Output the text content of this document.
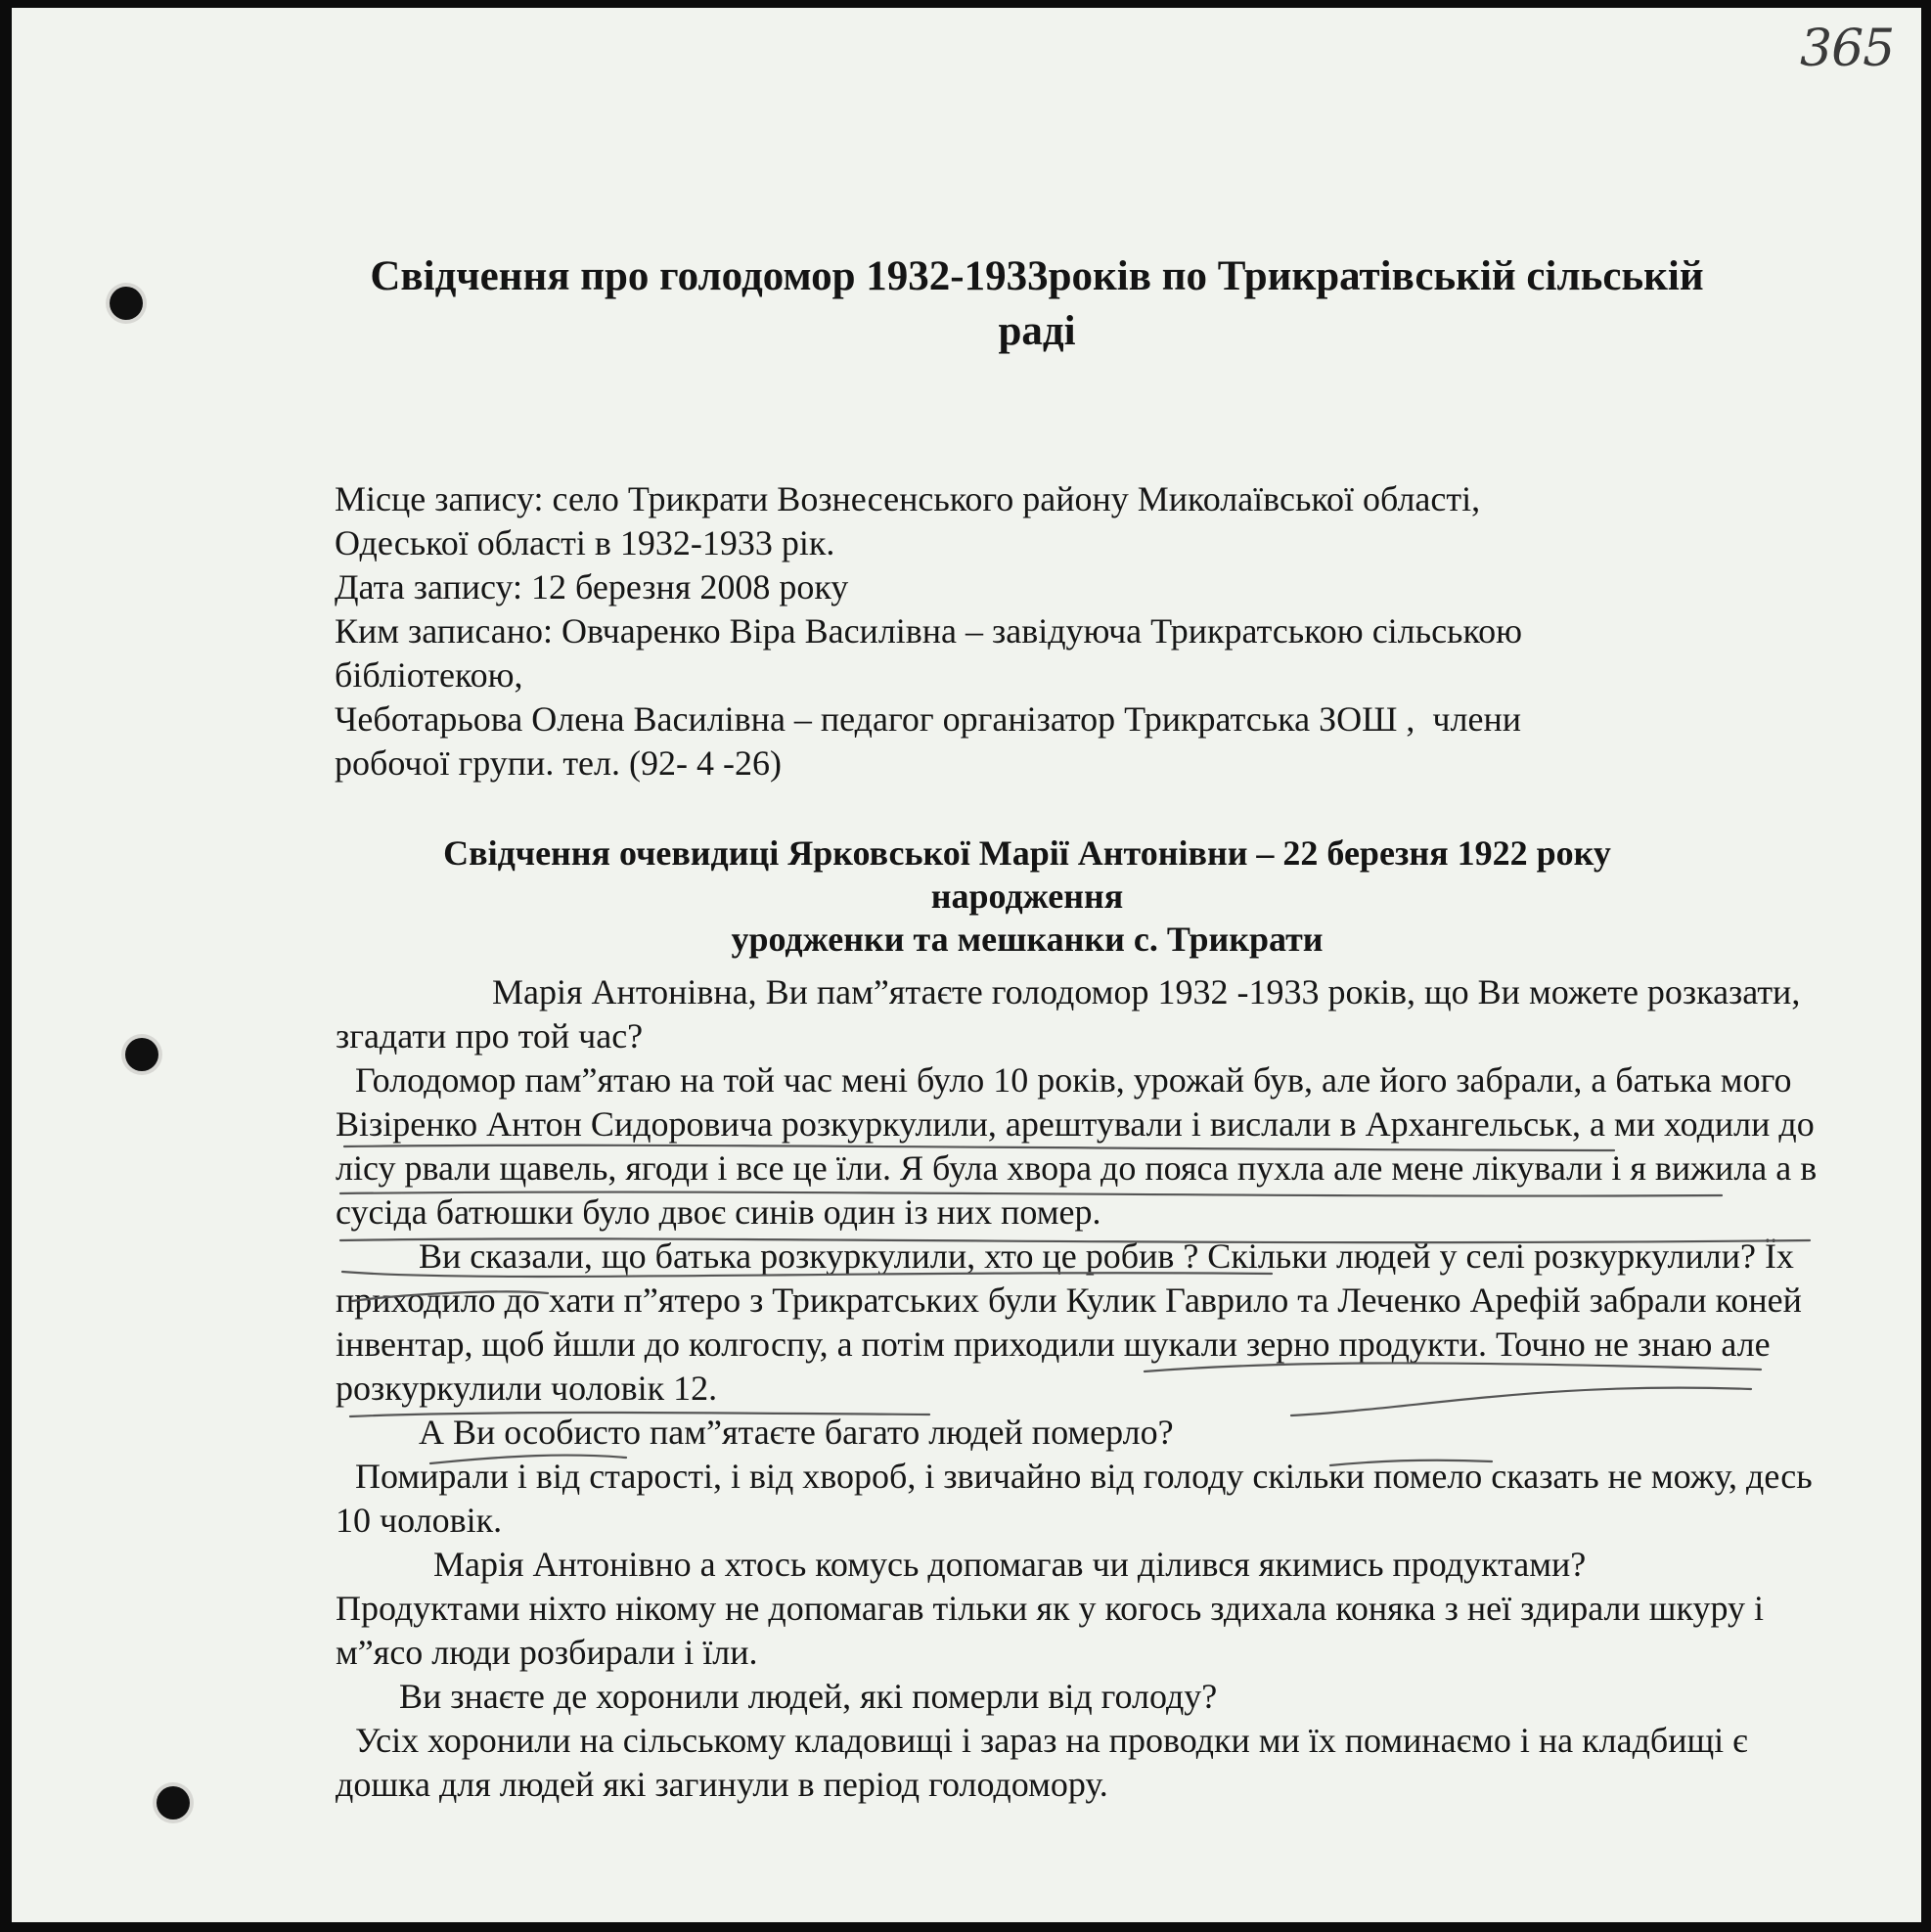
365
Свідчення про голодомор 1932-1933років по Трикратівській сільській
раді
Місце запису: село Трикрати Вознесенського району Миколаївської області,
Одеської області в 1932-1933 рік.
Дата запису: 12 березня 2008 року
Ким записано: Овчаренко Віра Василівна – завідуюча Трикратською сільською
бібліотекою,
Чеботарьова Олена Василівна – педагог організатор Трикратська ЗОШ ,  члени
робочої групи. тел. (92- 4 -26)
Свідчення очевидиці Ярковської Марії Антонівни – 22 березня 1922 року
народження
уродженки та мешканки с. Трикрати

Марія Антонівна, Ви пам”ятаєте голодомор 1932 -1933 років, що Ви можете розказати, згадати про той час?

Голодомор пам”ятаю на той час мені було 10 років, урожай був, але його забрали, а батька мого Візіренко Антон Сидоровича розкуркулили, арештували і вислали в Архангельськ, а ми ходили до лісу рвали щавель, ягоди і все це їли. Я була хвора до пояса пухла але мене лікували і я вижила а в сусіда батюшки було двоє синів один із них помер.

Ви сказали, що батька розкуркулили, хто це робив ? Скільки людей у селі розкуркулили? Їх приходило до хати п”ятеро з Трикратських були Кулик Гаврило та Леченко Арефій забрали коней інвентар, щоб йшли до колгоспу, а потім приходили шукали зерно продукти. Точно не знаю але розкуркулили чоловік 12.

А Ви особисто пам”ятаєте багато людей померло?

Помирали і від старості, і від хвороб, і звичайно від голоду скільки помело сказать не можу, десь 10 чоловік.

Марія Антонівно а хтось комусь допомагав чи ділився якимись продуктами?

Продуктами ніхто нікому не допомагав тільки як у когось здихала коняка з неї здирали шкуру і м”ясо люди розбирали і їли.

Ви знаєте де хоронили людей, які померли від голоду?

Усіх хоронили на сільському кладовищі і зараз на проводки ми їх поминаємо і на кладбищі є дошка для людей які загинули в період голодомору.
